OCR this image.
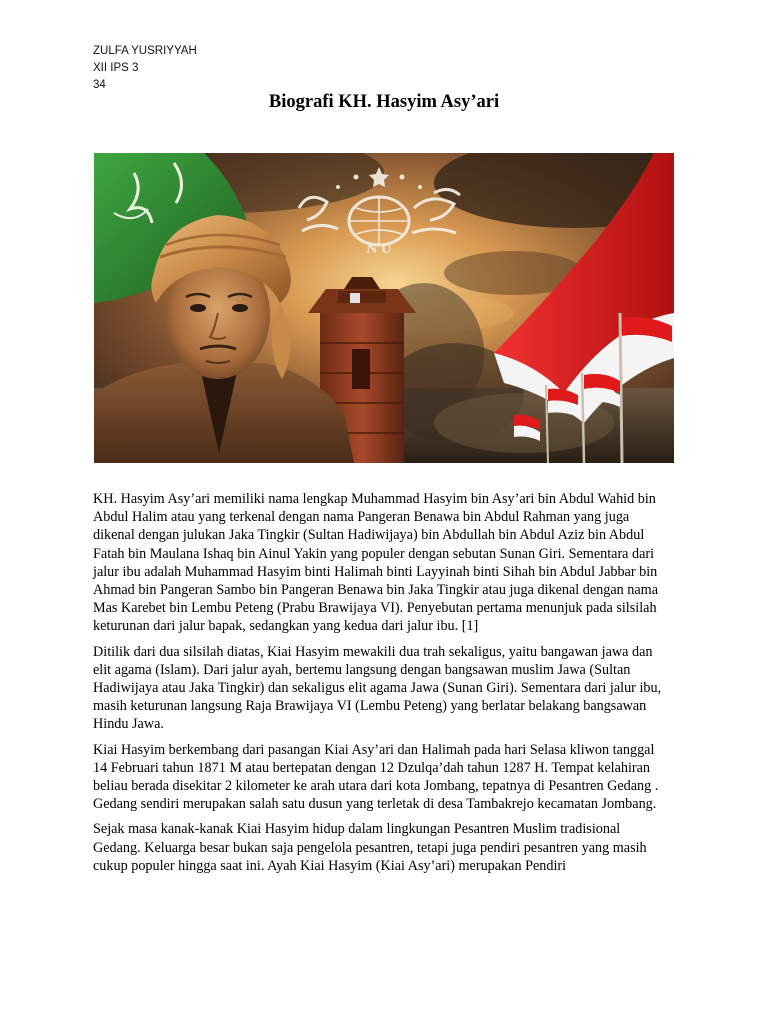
ZULFA YUSRIYYAH
XII IPS 3
34
Biografi KH. Hasyim Asy’ari
N U

KH. Hasyim Asy’ari memiliki nama lengkap Muhammad Hasyim bin Asy’ari bin Abdul Wahid bin Abdul Halim atau yang terkenal dengan nama Pangeran Benawa bin Abdul Rahman yang juga dikenal dengan julukan Jaka Tingkir (Sultan Hadiwijaya) bin Abdullah bin Abdul Aziz bin Abdul Fatah bin Maulana Ishaq bin Ainul Yakin yang populer dengan sebutan Sunan Giri. Sementara dari jalur ibu adalah Muhammad Hasyim binti Halimah binti Layyinah binti Sihah bin Abdul Jabbar bin Ahmad bin Pangeran Sambo bin Pangeran Benawa bin Jaka Tingkir atau juga dikenal dengan nama Mas Karebet bin Lembu Peteng (Prabu Brawijaya VI). Penyebutan pertama menunjuk pada silsilah keturunan dari jalur bapak, sedangkan yang kedua dari jalur ibu. [1]

Ditilik dari dua silsilah diatas, Kiai Hasyim mewakili dua trah sekaligus, yaitu bangawan jawa dan elit agama (Islam). Dari jalur ayah, bertemu langsung dengan bangsawan muslim Jawa (Sultan Hadiwijaya atau Jaka Tingkir) dan sekaligus elit agama Jawa (Sunan Giri). Sementara dari jalur ibu, masih keturunan langsung Raja Brawijaya VI (Lembu Peteng) yang berlatar belakang bangsawan Hindu Jawa.

Kiai Hasyim berkembang dari pasangan Kiai Asy’ari dan Halimah pada hari Selasa kliwon tanggal 14 Februari tahun 1871 M atau bertepatan dengan 12 Dzulqa’dah tahun 1287 H. Tempat kelahiran beliau berada disekitar 2 kilometer ke arah utara dari kota Jombang, tepatnya di Pesantren Gedang . Gedang sendiri merupakan salah satu dusun yang terletak di desa Tambakrejo kecamatan Jombang.

Sejak masa kanak-kanak Kiai Hasyim hidup dalam lingkungan Pesantren Muslim tradisional Gedang. Keluarga besar bukan saja pengelola pesantren, tetapi juga pendiri pesantren yang masih cukup populer hingga saat ini. Ayah Kiai Hasyim (Kiai Asy’ari) merupakan Pendiri
